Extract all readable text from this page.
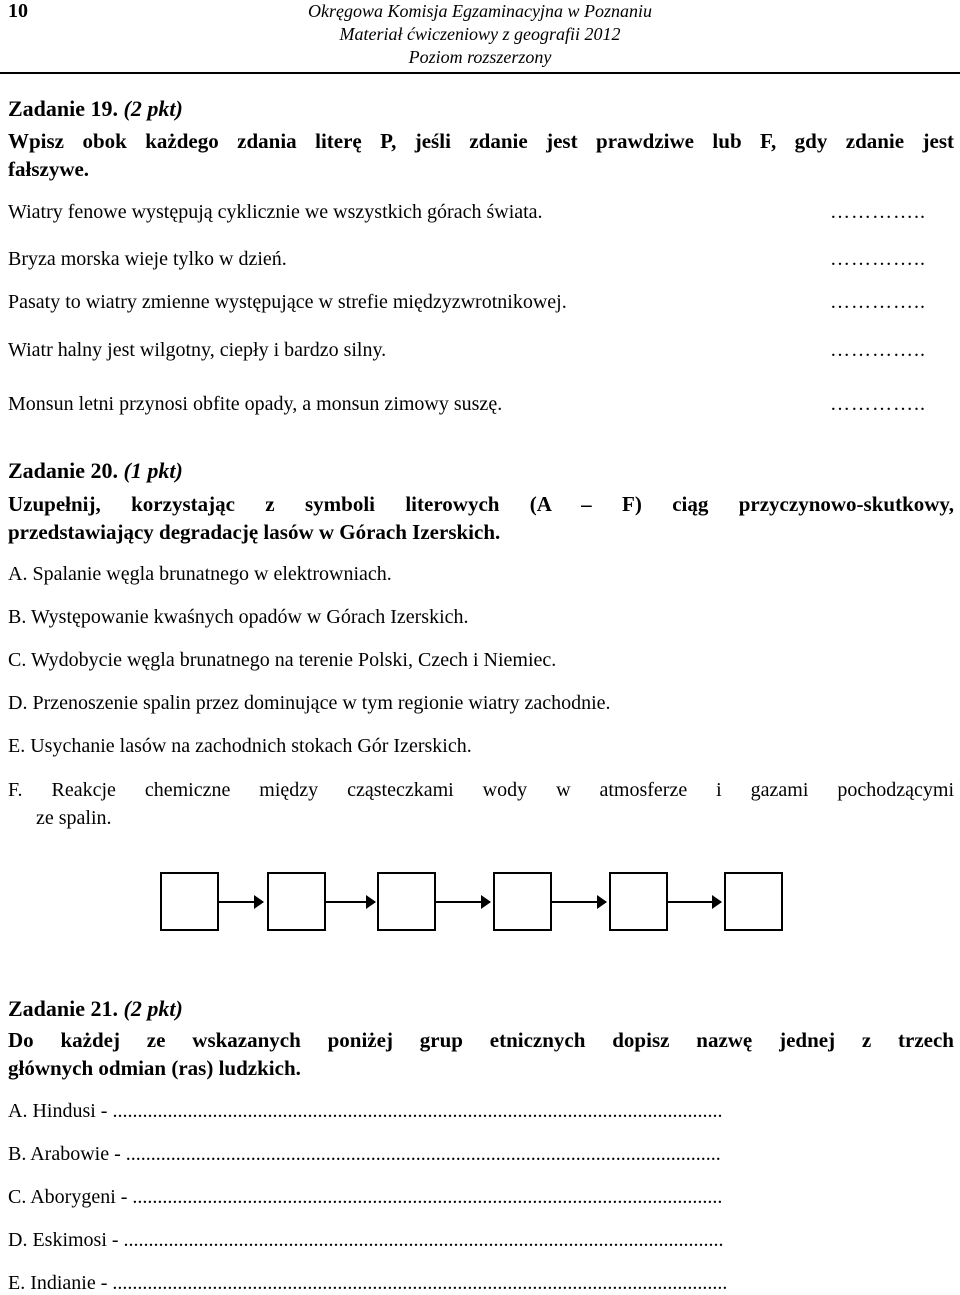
10	Okręgowa Komisja Egzaminacyjna w Poznaniu
Materiał ćwiczeniowy z geografii 2012
Poziom rozszerzony
Zadanie 19. (2 pkt)
Wpisz obok każdego zdania literę P, jeśli zdanie jest prawdziwe lub F, gdy zdanie jest
fałszywe.
Wiatry fenowe występują cyklicznie we wszystkich górach świata.	…………..
Bryza morska wieje tylko w dzień.	…………..
Pasaty to wiatry zmienne występujące w strefie międzyzwrotnikowej.	…………..
Wiatr halny jest wilgotny, ciepły i bardzo silny.	…………..
Monsun letni przynosi obfite opady, a monsun zimowy suszę.	…………..
Zadanie 20. (1 pkt)
Uzupełnij, korzystając z symboli literowych (A – F) ciąg przyczynowo-skutkowy,
przedstawiający degradację lasów w Górach Izerskich.
A. Spalanie węgla brunatnego w elektrowniach.
B. Występowanie kwaśnych opadów w Górach Izerskich.
C. Wydobycie węgla brunatnego na terenie Polski, Czech i Niemiec.
D. Przenoszenie spalin przez dominujące w tym regionie wiatry zachodnie.
E. Usychanie lasów na zachodnich stokach Gór Izerskich.
F. Reakcje chemiczne między cząsteczkami wody w atmosferze i gazami pochodzącymi
ze spalin.
Zadanie 21. (2 pkt)
Do każdej ze wskazanych poniżej grup etnicznych dopisz nazwę jednej z trzech
głównych odmian (ras) ludzkich.
A. Hindusi - ..........................................................................................................................
B. Arabowie - .......................................................................................................................
C. Aborygeni - ......................................................................................................................
D. Eskimosi - ........................................................................................................................
E. Indianie - ...........................................................................................................................
